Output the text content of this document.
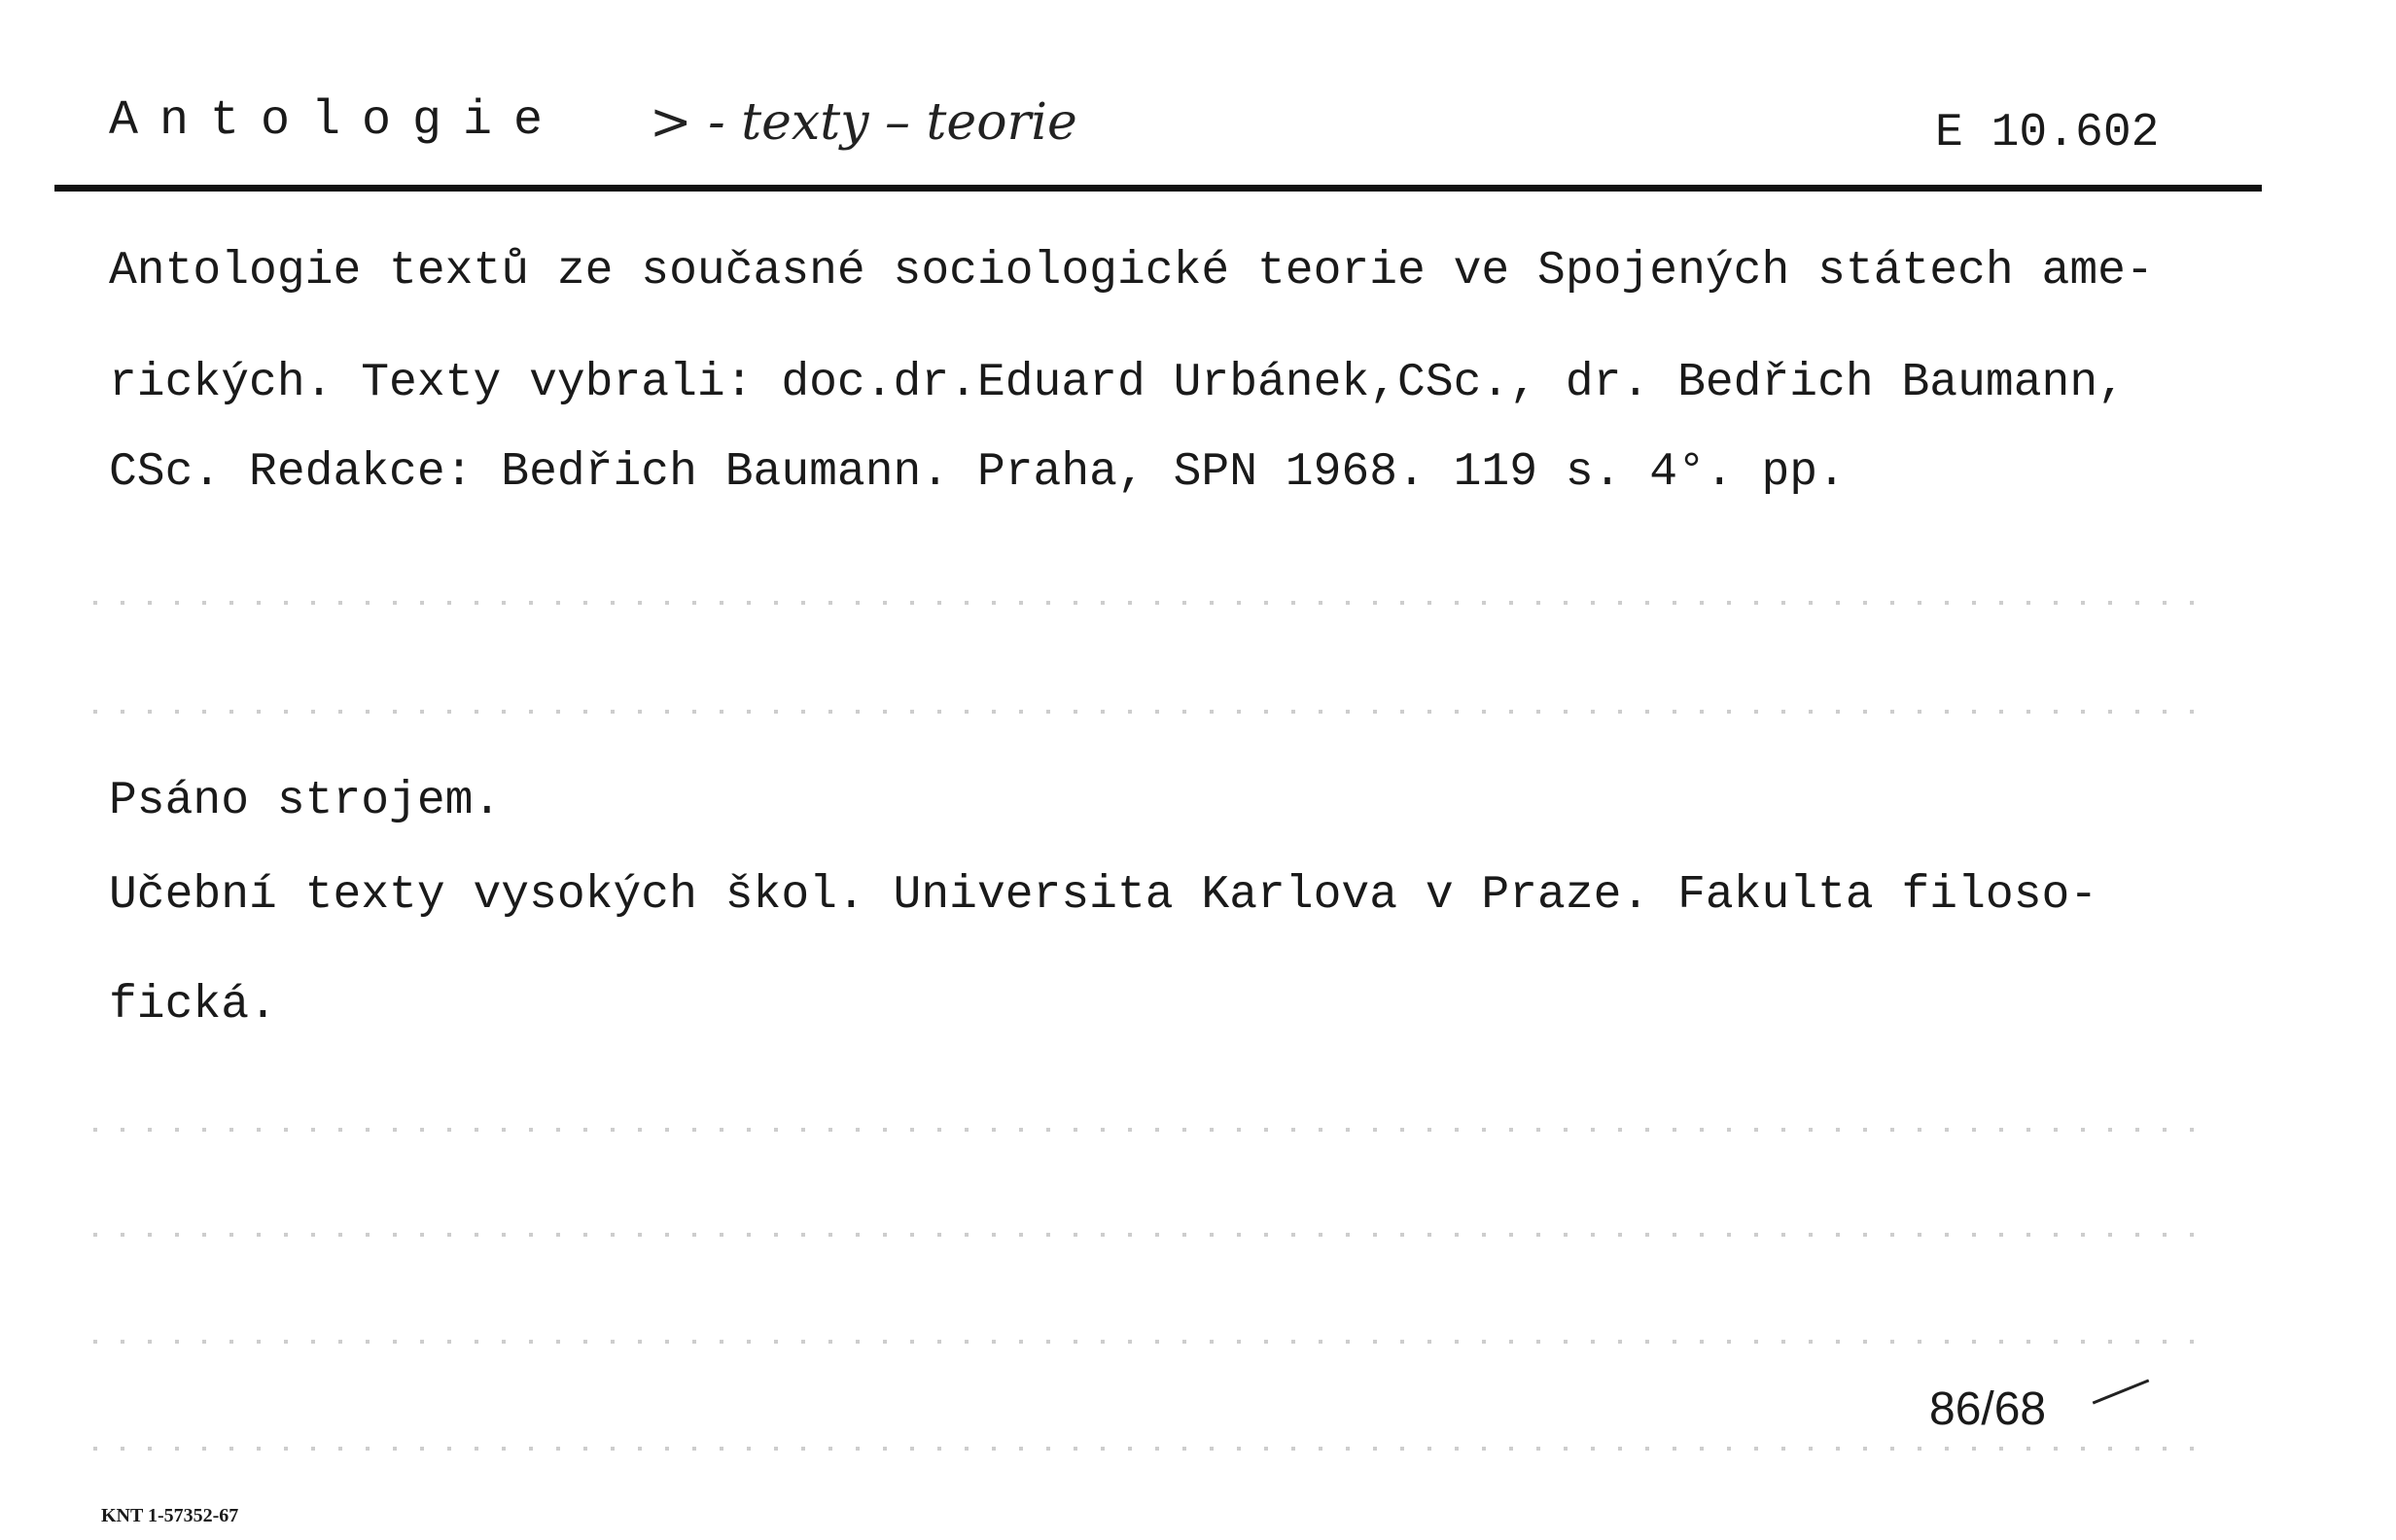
Antologie > - texty – teorie	E 10.602
Antologie textů ze současné sociologické teorie ve Spojených státech ame-
rických. Texty vybrali: doc.dr.Eduard Urbánek,CSc., dr. Bedřich Baumann,
CSc. Redakce: Bedřich Baumann. Praha, SPN 1968. 119 s. 4°. pp.
Psáno strojem.
Učební texty vysokých škol. Universita Karlova v Praze. Fakulta filoso-
fická.
86/68
KNT 1-57352-67
